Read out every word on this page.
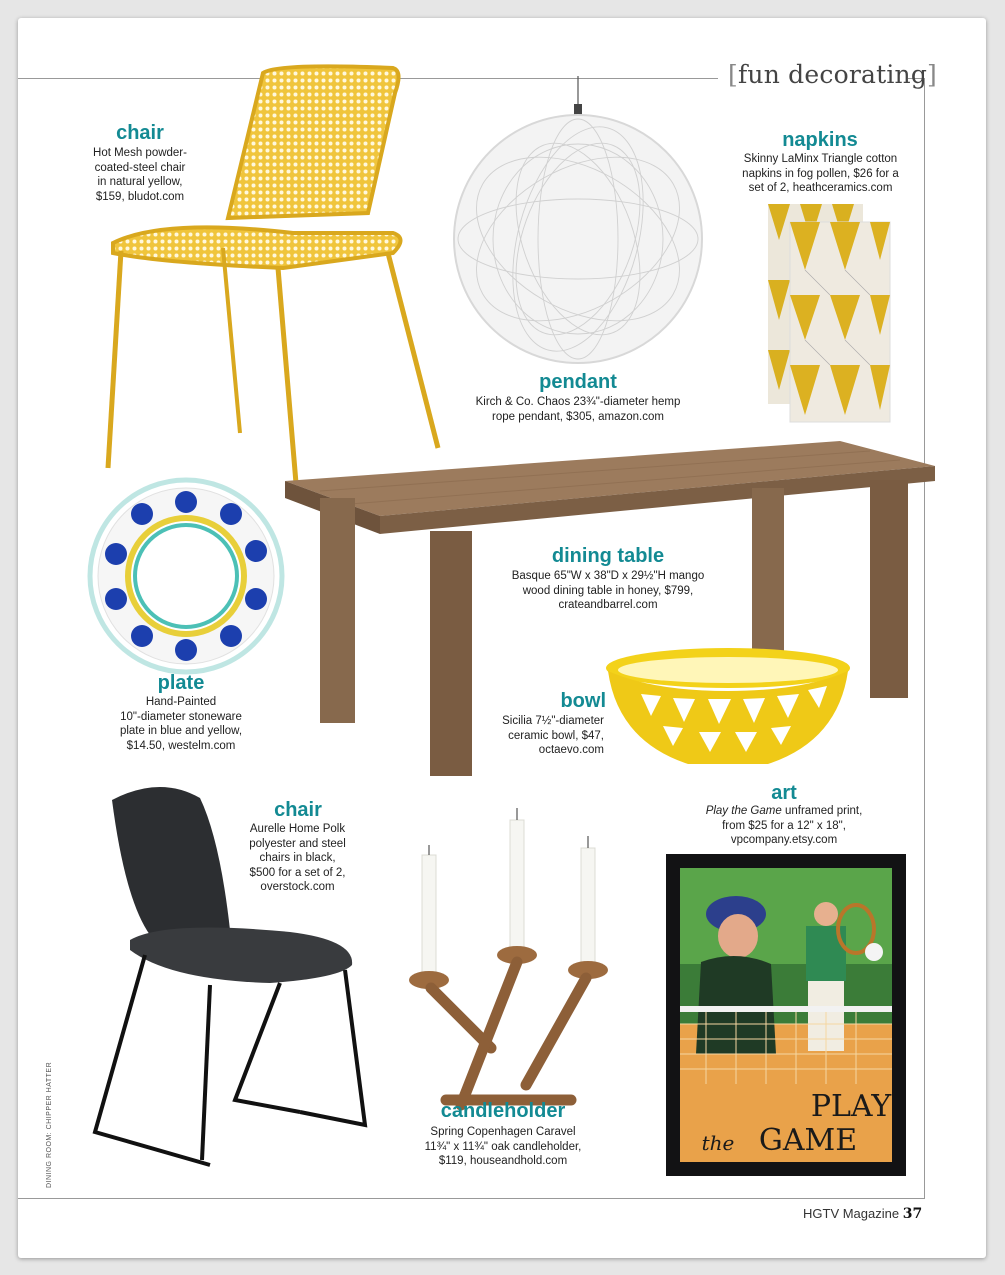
[fun decorating]
chair
Hot Mesh powder-
coated-steel chair
in natural yellow,
$159, bludot.com
pendant
Kirch & Co. Chaos 23¾"-diameter hemp
rope pendant, $305, amazon.com
napkins
Skinny LaMinx Triangle cotton
napkins in fog pollen, $26 for a
set of 2, heathceramics.com
dining table
Basque 65"W x 38"D x 29½"H mango
wood dining table in honey, $799,
crateandbarrel.com
plate
Hand-Painted
10"-diameter stoneware
plate in blue and yellow,
$14.50, westelm.com
bowl
Sicilia 7½"-diameter
ceramic bowl, $47,
octaevo.com
art
Play the Game unframed print,
from $25 for a 12" x 18",
vpcompany.etsy.com
PLAY
the GAME
chair
Aurelle Home Polk
polyester and steel
chairs in black,
$500 for a set of 2,
overstock.com
candleholder
Spring Copenhagen Caravel
11¾" x 11¾" oak candleholder,
$119, houseandhold.com
DINING ROOM: CHIPPER HATTER
HGTV Magazine 37
